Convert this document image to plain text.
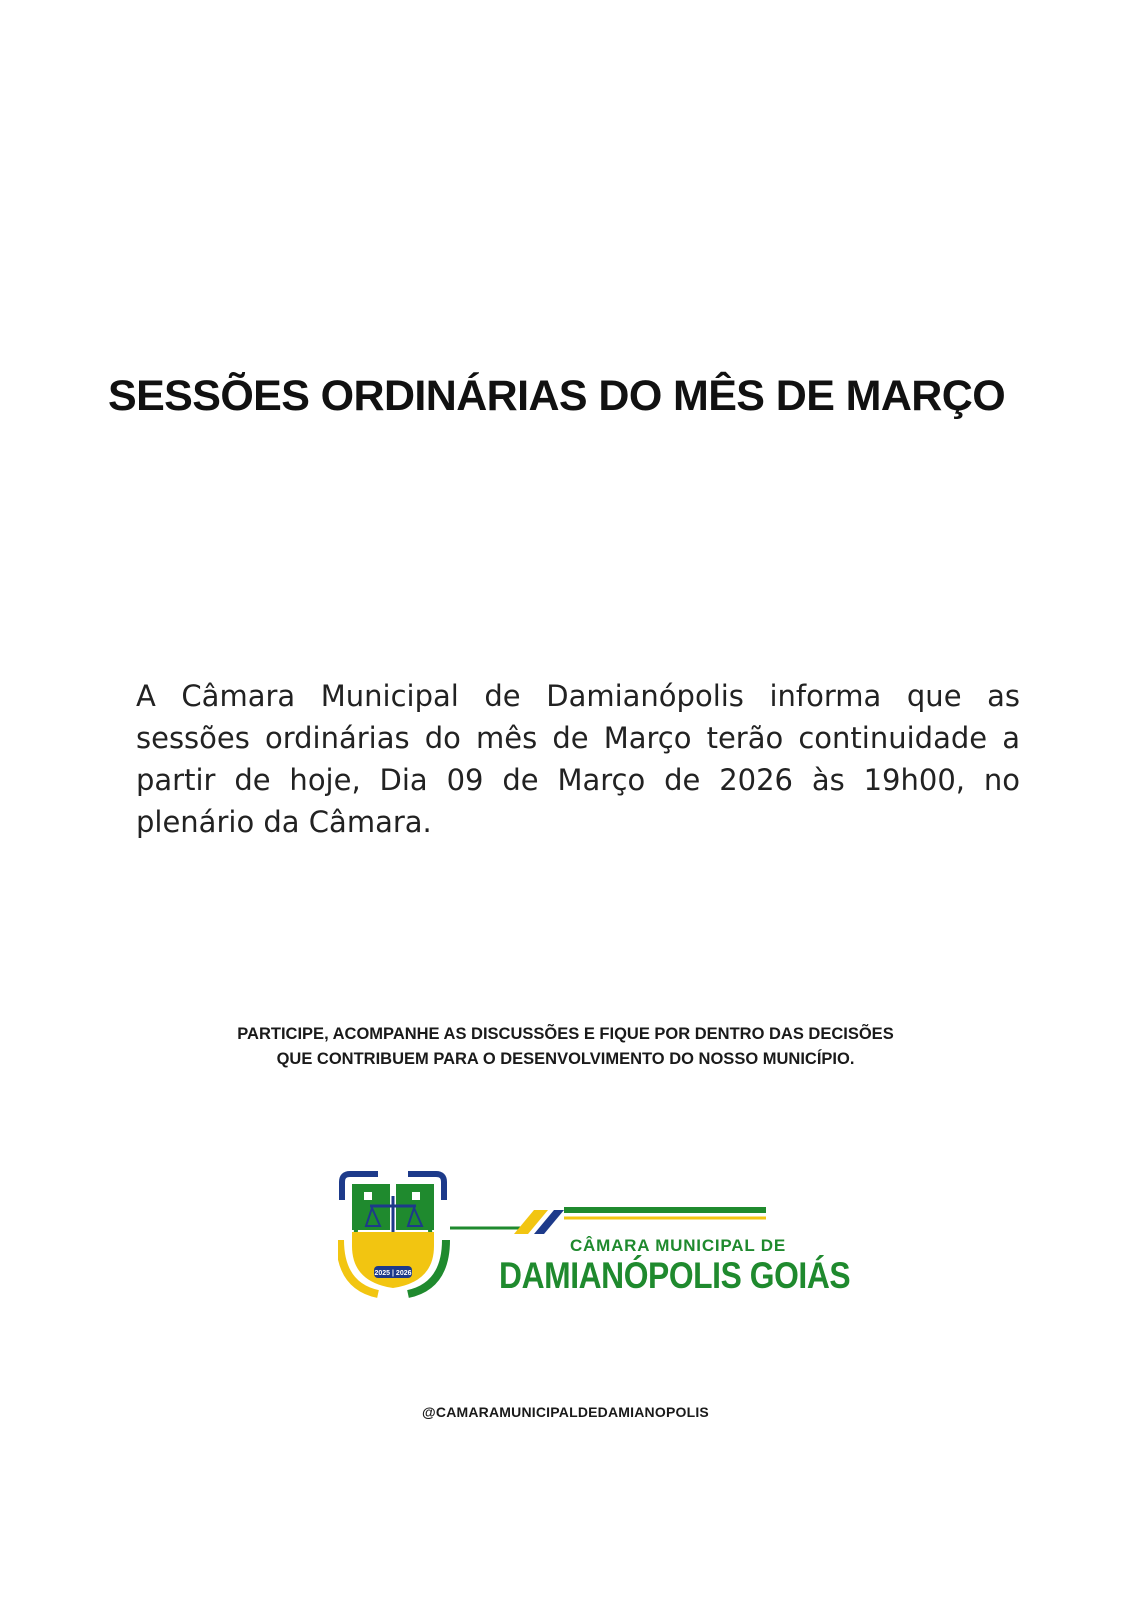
SESSÕES ORDINÁRIAS DO MÊS DE MARÇO

A Câmara Municipal de Damianópolis informa que as sessões ordinárias do mês de Março terão continuidade a partir de hoje, Dia 09 de Março de 2026 às 19h00, no plenário da Câmara.

PARTICIPE, ACOMPANHE AS DISCUSSÕES E FIQUE POR DENTRO DAS DECISÕES
QUE CONTRIBUEM PARA O DESENVOLVIMENTO DO NOSSO MUNICÍPIO.

2025 | 2026
CÂMARA MUNICIPAL DE
DAMIANÓPOLIS GOIÁS
@CAMARAMUNICIPALDEDAMIANOPOLIS
